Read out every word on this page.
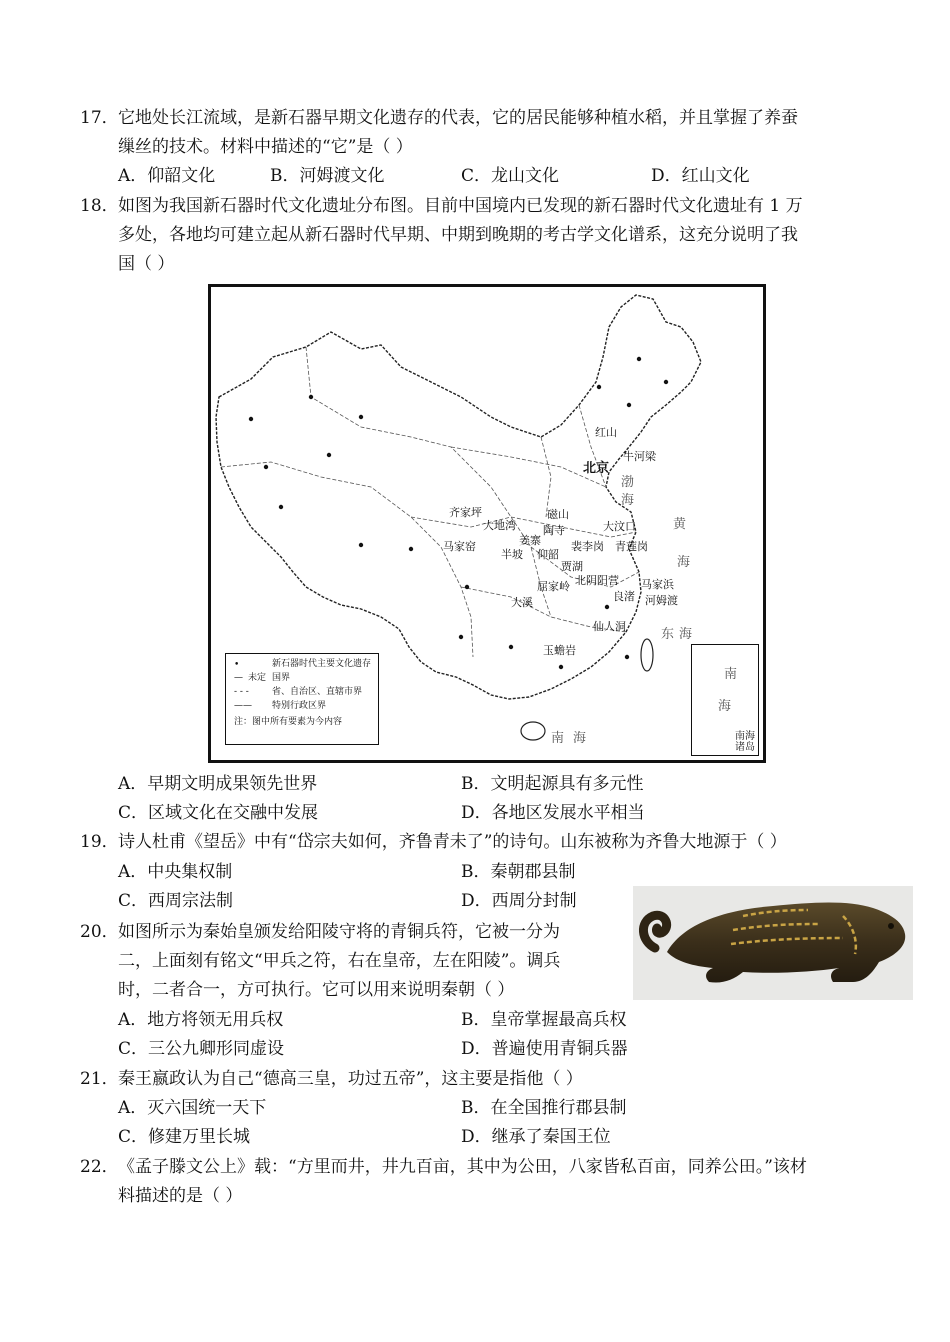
17． 它地处长江流域，是新石器早期文化遗存的代表，它的居民能够种植水稻，并且掌握了养蚕
缫丝的技术。材料中描述的“它”是（ ）
A．仰韶文化	B．河姆渡文化	C．龙山文化	D．红山文化
18． 如图为我国新石器时代文化遗址分布图。目前中国境内已发现的新石器时代文化遗址有 1 万
多处，各地均可建立起从新石器时代早期、中期到晚期的考古学文化谱系，这充分说明了我
国（ ）
红山
牛河梁
北京
磁山
大汶口
齐家坪
大地湾 陶寺
马家窑	姜寨
半坡 仰韶
裴李岗
贾湖
青莲岗
屈家岭 北阴阳营 马家浜
良渚 河姆渡
大溪
仙人洞
玉蟾岩
黄
海
东 海
南 海
渤
海
•	新石器时代主要文化遗存
— 未定 国界
- - -	省、自治区、直辖市界
—— 特别行政区界
注：图中所有要素为今内容
南
海
南海诸岛
A．早期文明成果领先世界	B．文明起源具有多元性
C．区域文化在交融中发展	D．各地区发展水平相当
19． 诗人杜甫《望岳》中有“岱宗夫如何，齐鲁青未了”的诗句。山东被称为齐鲁大地源于（ ）
A．中央集权制	B．秦朝郡县制
C．西周宗法制	D．西周分封制
20． 如图所示为秦始皇颁发给阳陵守将的青铜兵符，它被一分为
二，上面刻有铭文“甲兵之符，右在皇帝，左在阳陵”。调兵
时，二者合一，方可执行。它可以用来说明秦朝（ ）
A．地方将领无用兵权	B．皇帝掌握最高兵权
C．三公九卿形同虚设	D．普遍使用青铜兵器
21． 秦王嬴政认为自己“德高三皇，功过五帝”，这主要是指他（ ）
A．灭六国统一天下	B．在全国推行郡县制
C．修建万里长城	D．继承了秦国王位
22． 《孟子滕文公上》载：“方里而井，井九百亩，其中为公田，八家皆私百亩，同养公田。”该材
料描述的是（ ）
